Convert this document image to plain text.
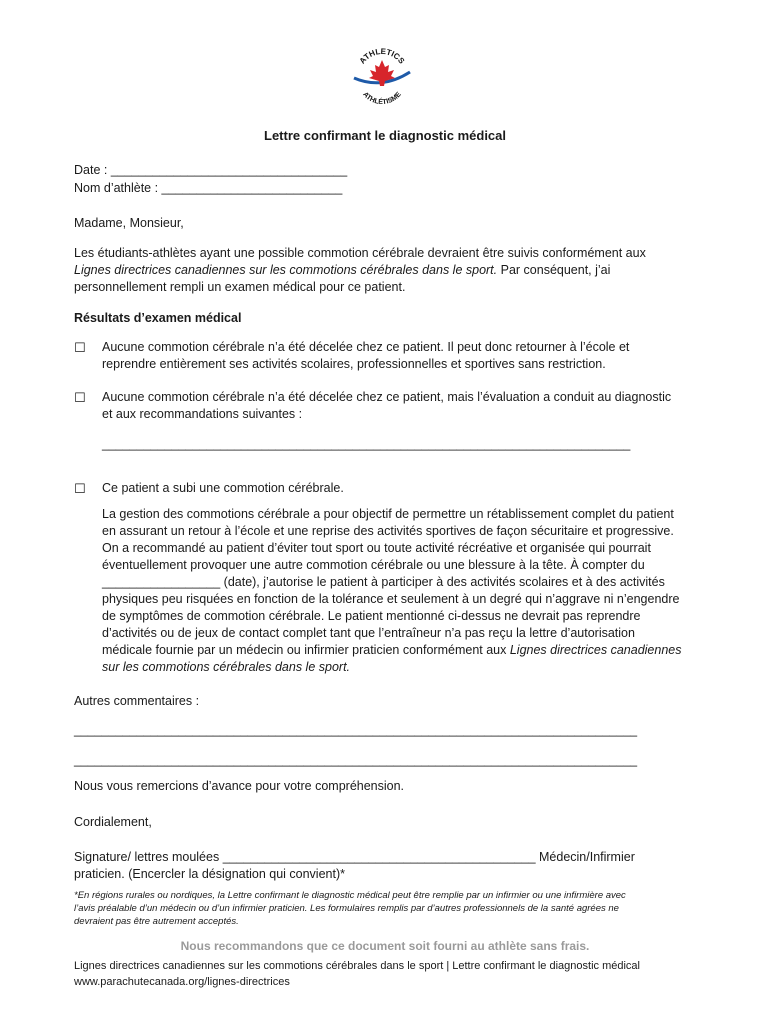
ATHLETICS
ATHLÉTISME
Lettre confirmant le diagnostic médical
Date : __________________________________
Nom d’athlète : __________________________
Madame, Monsieur,
Les étudiants-athlètes ayant une possible commotion cérébrale devraient être suivis conformément aux
Lignes directrices canadiennes sur les commotions cérébrales dans le sport. Par conséquent, j’ai
personnellement rempli un examen médical pour ce patient.
Résultats d’examen médical
☐ Aucune commotion cérébrale n’a été décelée chez ce patient. Il peut donc retourner à l’école et
reprendre entièrement ses activités scolaires, professionnelles et sportives sans restriction.
☐ Aucune commotion cérébrale n’a été décelée chez ce patient, mais l’évaluation a conduit au diagnostic
et aux recommandations suivantes :
____________________________________________________________________________
☐ Ce patient a subi une commotion cérébrale.
La gestion des commotions cérébrale a pour objectif de permettre un rétablissement complet du patient
en assurant un retour à l’école et une reprise des activités sportives de façon sécuritaire et progressive.
On a recommandé au patient d’éviter tout sport ou toute activité récréative et organisée qui pourrait
éventuellement provoquer une autre commotion cérébrale ou une blessure à la tête. À compter du
_________________ (date), j’autorise le patient à participer à des activités scolaires et à des activités
physiques peu risquées en fonction de la tolérance et seulement à un degré qui n’aggrave ni n’engendre
de symptômes de commotion cérébrale. Le patient mentionné ci-dessus ne devrait pas reprendre
d’activités ou de jeux de contact complet tant que l’entraîneur n’a pas reçu la lettre d’autorisation
médicale fournie par un médecin ou infirmier praticien conformément aux Lignes directrices canadiennes
sur les commotions cérébrales dans le sport.
Autres commentaires :
_________________________________________________________________________________
_________________________________________________________________________________
Nous vous remercions d’avance pour votre compréhension.
Cordialement,
Signature/ lettres moulées _____________________________________________ Médecin/Infirmier
praticien. (Encercler la désignation qui convient)*
*En régions rurales ou nordiques, la Lettre confirmant le diagnostic médical peut être remplie par un infirmier ou une infirmière avec
l’avis préalable d’un médecin ou d’un infirmier praticien. Les formulaires remplis par d’autres professionnels de la santé agrées ne
devraient pas être autrement acceptés.
Nous recommandons que ce document soit fourni au athlète sans frais.
Lignes directrices canadiennes sur les commotions cérébrales dans le sport | Lettre confirmant le diagnostic médical
www.parachutecanada.org/lignes-directrices
